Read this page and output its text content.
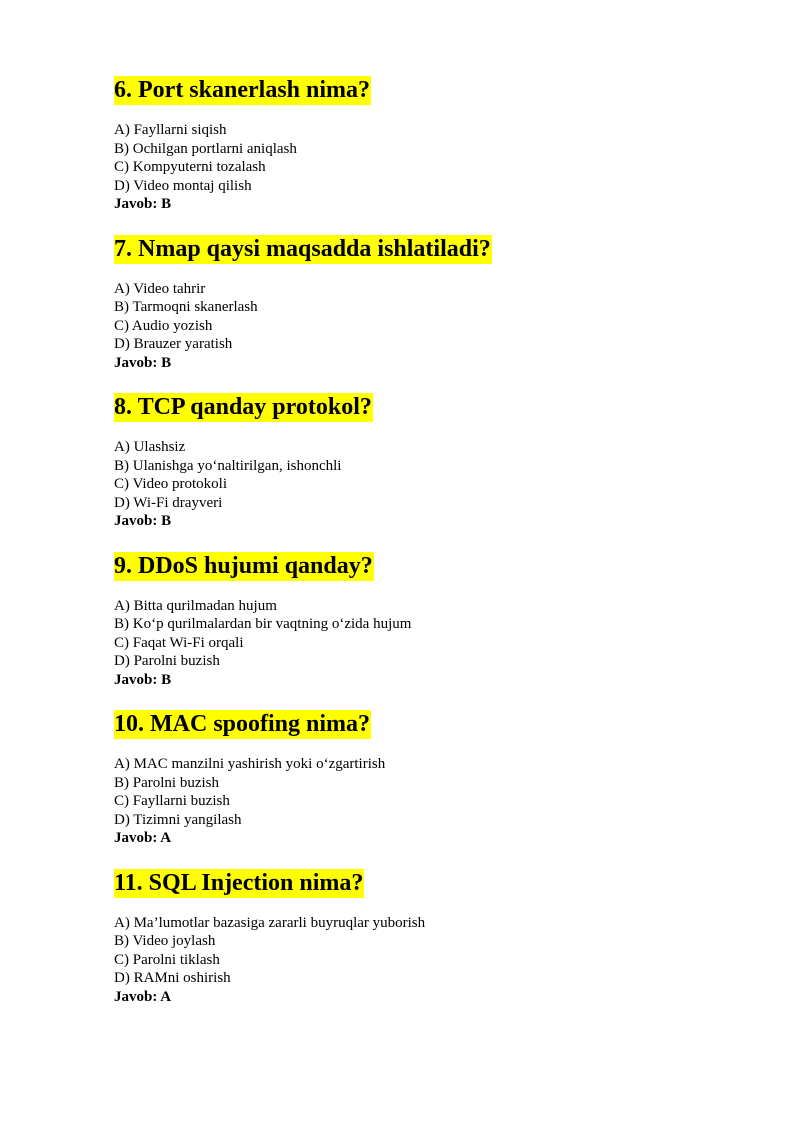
6. Port skanerlash nima?
A) Fayllarni siqish
B) Ochilgan portlarni aniqlash
C) Kompyuterni tozalash
D) Video montaj qilish
Javob: B
7. Nmap qaysi maqsadda ishlatiladi?
A) Video tahrir
B) Tarmoqni skanerlash
C) Audio yozish
D) Brauzer yaratish
Javob: B
8. TCP qanday protokol?
A) Ulashsiz
B) Ulanishga yo‘naltirilgan, ishonchli
C) Video protokoli
D) Wi-Fi drayveri
Javob: B
9. DDoS hujumi qanday?
A) Bitta qurilmadan hujum
B) Ko‘p qurilmalardan bir vaqtning o‘zida hujum
C) Faqat Wi-Fi orqali
D) Parolni buzish
Javob: B
10. MAC spoofing nima?
A) MAC manzilni yashirish yoki o‘zgartirish
B) Parolni buzish
C) Fayllarni buzish
D) Tizimni yangilash
Javob: A
11. SQL Injection nima?
A) Ma’lumotlar bazasiga zararli buyruqlar yuborish
B) Video joylash
C) Parolni tiklash
D) RAMni oshirish
Javob: A
